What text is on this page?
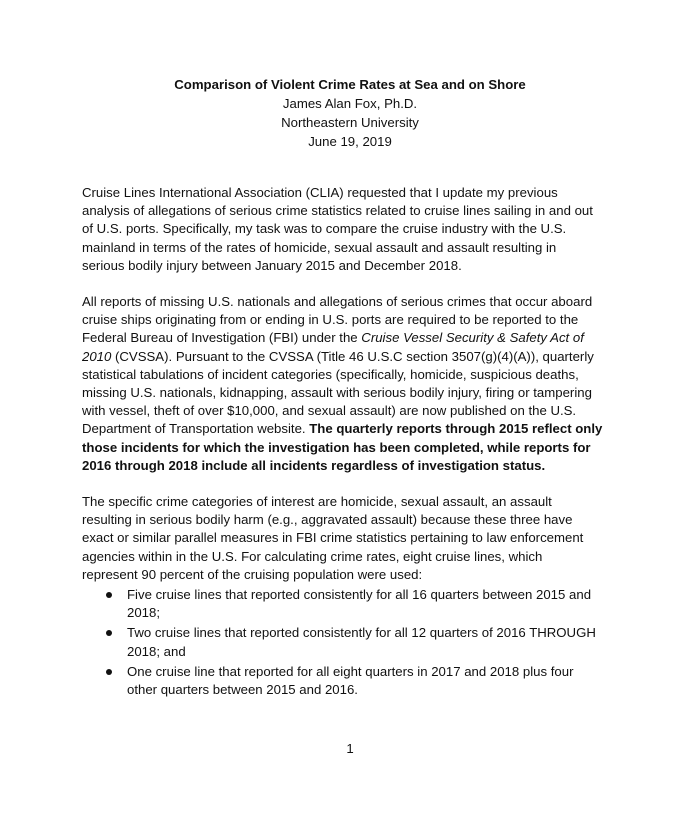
Comparison of Violent Crime Rates at Sea and on Shore
James Alan Fox, Ph.D.
Northeastern University
June 19, 2019

Cruise Lines International Association (CLIA) requested that I update my previous
analysis of allegations of serious crime statistics related to cruise lines sailing in and out
of U.S. ports. Specifically, my task was to compare the cruise industry with the U.S.
mainland in terms of the rates of homicide, sexual assault and assault resulting in
serious bodily injury between January 2015 and December 2018.

All reports of missing U.S. nationals and allegations of serious crimes that occur aboard
cruise ships originating from or ending in U.S. ports are required to be reported to the
Federal Bureau of Investigation (FBI) under the Cruise Vessel Security & Safety Act of
2010 (CVSSA). Pursuant to the CVSSA (Title 46 U.S.C section 3507(g)(4)(A)), quarterly
statistical tabulations of incident categories (specifically, homicide, suspicious deaths,
missing U.S. nationals, kidnapping, assault with serious bodily injury, firing or tampering
with vessel, theft of over $10,000, and sexual assault) are now published on the U.S.
Department of Transportation website. The quarterly reports through 2015 reflect only
those incidents for which the investigation has been completed, while reports for
2016 through 2018 include all incidents regardless of investigation status.

The specific crime categories of interest are homicide, sexual assault, an assault
resulting in serious bodily harm (e.g., aggravated assault) because these three have
exact or similar parallel measures in FBI crime statistics pertaining to law enforcement
agencies within in the U.S. For calculating crime rates, eight cruise lines, which
represent 90 percent of the cruising population were used:

Five cruise lines that reported consistently for all 16 quarters between 2015 and
2018;
Two cruise lines that reported consistently for all 12 quarters of 2016 THROUGH
2018; and
One cruise line that reported for all eight quarters in 2017 and 2018 plus four
other quarters between 2015 and 2016.
1
